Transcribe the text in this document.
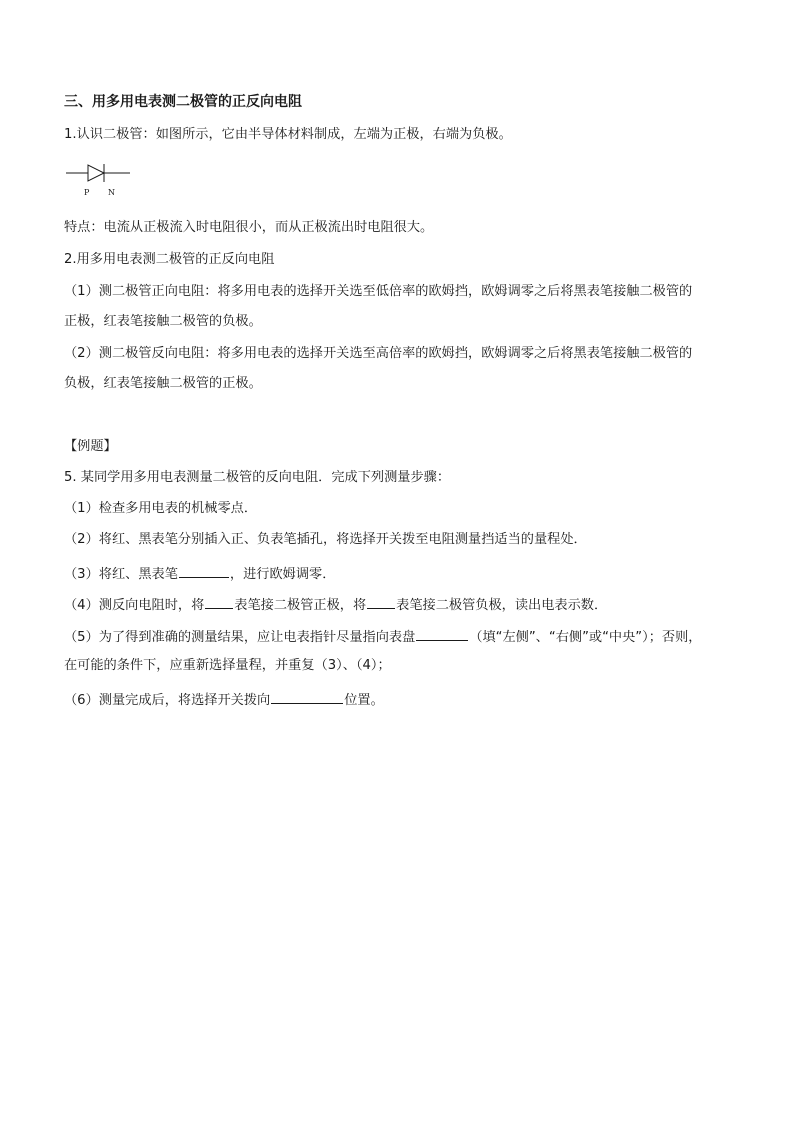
三、用多用电表测二极管的正反向电阻
1.认识二极管：如图所示，它由半导体材料制成，左端为正极，右端为负极。
P N
特点：电流从正极流入时电阻很小，而从正极流出时电阻很大。
2.用多用电表测二极管的正反向电阻
（1）测二极管正向电阻：将多用电表的选择开关选至低倍率的欧姆挡，欧姆调零之后将黑表笔接触二极管的
正极，红表笔接触二极管的负极。
（2）测二极管反向电阻：将多用电表的选择开关选至高倍率的欧姆挡，欧姆调零之后将黑表笔接触二极管的
负极，红表笔接触二极管的正极。
【例题】
5. 某同学用多用电表测量二极管的反向电阻．完成下列测量步骤：
（1）检查多用电表的机械零点．
（2）将红、黑表笔分别插入正、负表笔插孔，将选择开关拨至电阻测量挡适当的量程处．
（3）将红、黑表笔	，进行欧姆调零．
（4）测反向电阻时，将 表笔接二极管正极，将 表笔接二极管负极，读出电表示数．
（5）为了得到准确的测量结果，应让电表指针尽量指向表盘	（填“左侧”、“右侧”或“中央”）；否则，
在可能的条件下，应重新选择量程，并重复（3）、（4）；
（6）测量完成后，将选择开关拨向	位置。
